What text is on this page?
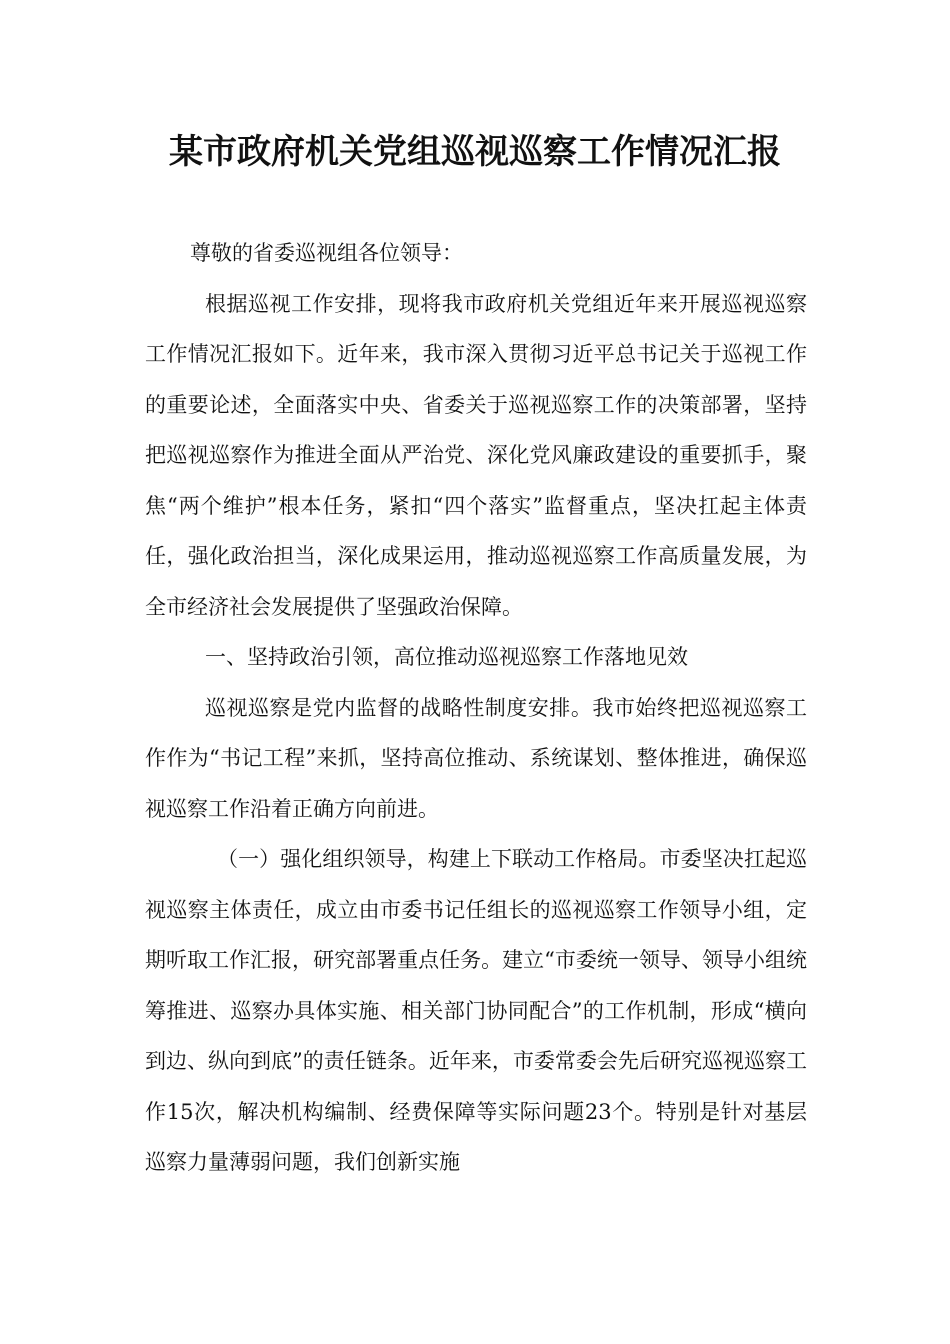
某市政府机关党组巡视巡察工作情况汇报

尊敬的省委巡视组各位领导：

根据巡视工作安排，现将我市政府机关党组近年来开展巡视巡察工作情况汇报如下。近年来，我市深入贯彻习近平总书记关于巡视工作的重要论述，全面落实中央、省委关于巡视巡察工作的决策部署，坚持把巡视巡察作为推进全面从严治党、深化党风廉政建设的重要抓手，聚焦“两个维护”根本任务，紧扣“四个落实”监督重点，坚决扛起主体责任，强化政治担当，深化成果运用，推动巡视巡察工作高质量发展，为全市经济社会发展提供了坚强政治保障。

一、坚持政治引领，高位推动巡视巡察工作落地见效

巡视巡察是党内监督的战略性制度安排。我市始终把巡视巡察工作作为“书记工程”来抓，坚持高位推动、系统谋划、整体推进，确保巡视巡察工作沿着正确方向前进。

（一）强化组织领导，构建上下联动工作格局。市委坚决扛起巡视巡察主体责任，成立由市委书记任组长的巡视巡察工作领导小组，定期听取工作汇报，研究部署重点任务。建立“市委统一领导、领导小组统筹推进、巡察办具体实施、相关部门协同配合”的工作机制，形成“横向到边、纵向到底”的责任链条。近年来，市委常委会先后研究巡视巡察工作15次，解决机构编制、经费保障等实际问题23个。特别是针对基层巡察力量薄弱问题，我们创新实施
